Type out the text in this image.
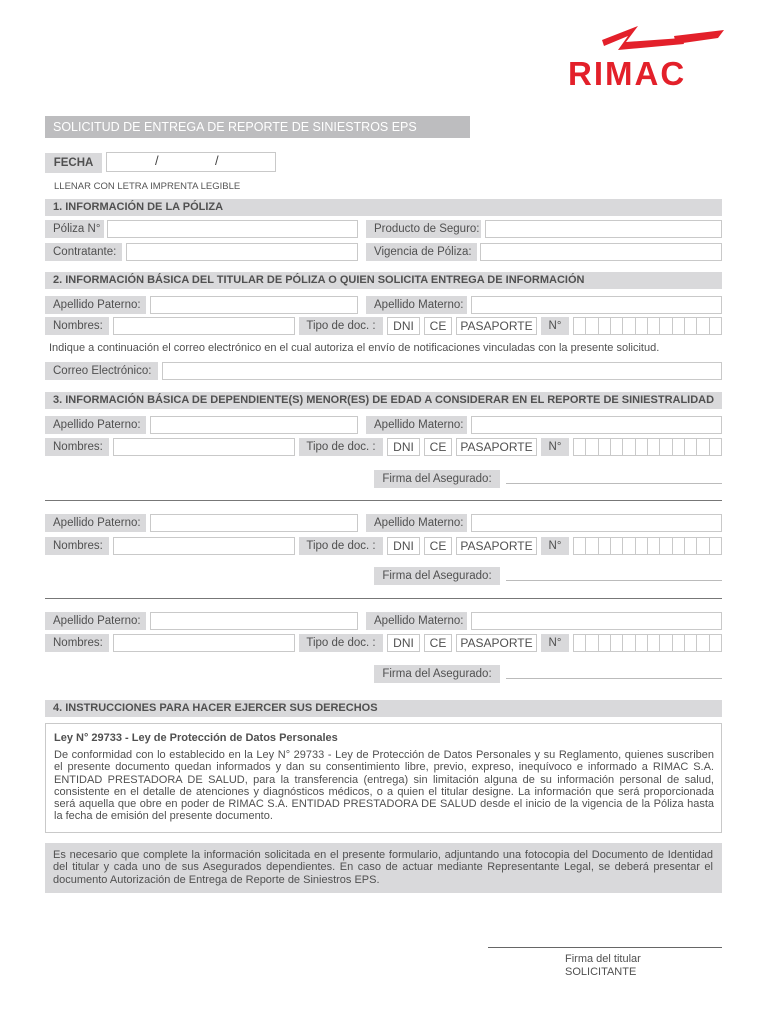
RIMAC
SOLICITUD DE ENTREGA DE REPORTE DE SINIESTROS EPS
FECHA	/	/
LLENAR CON LETRA IMPRENTA LEGIBLE
1. INFORMACIÓN DE LA PÓLIZA
Póliza N°	Producto de Seguro:
Contratante:	Vigencia de Póliza:
2. INFORMACIÓN BÁSICA DEL TITULAR DE PÓLIZA O QUIEN SOLICITA ENTREGA DE INFORMACIÓN
Apellido Paterno:	Apellido Materno:
Nombres:	Tipo de doc. :	DNI	CE	PASAPORTE	N°
Indique a continuación el correo electrónico en el cual autoriza el envío de notificaciones vinculadas con la presente solicitud.
Correo Electrónico:
3. INFORMACIÓN BÁSICA DE DEPENDIENTE(S) MENOR(ES) DE EDAD A CONSIDERAR EN EL REPORTE DE SINIESTRALIDAD
Apellido Paterno:	Apellido Materno:
Nombres:	Tipo de doc. :	DNI	CE	PASAPORTE	N°
Firma del Asegurado:
Apellido Paterno:	Apellido Materno:
Nombres:	Tipo de doc. :	DNI	CE	PASAPORTE	N°
Firma del Asegurado:
Apellido Paterno:	Apellido Materno:
Nombres:	Tipo de doc. :	DNI	CE	PASAPORTE	N°
Firma del Asegurado:
4. INSTRUCCIONES PARA HACER EJERCER SUS DERECHOS
Ley N° 29733 - Ley de Protección de Datos Personales
De conformidad con lo establecido en la Ley N° 29733 - Ley de Protección de Datos Personales y su Reglamento, quienes suscriben el presente documento quedan informados y dan su consentimiento libre, previo, expreso, inequívoco e informado a RIMAC S.A. ENTIDAD PRESTADORA DE SALUD, para la transferencia (entrega) sin limitación alguna de su información personal de salud, consistente en el detalle de atenciones y diagnósticos médicos, o a quien el titular designe. La información que será proporcionada será aquella que obre en poder de RIMAC S.A. ENTIDAD PRESTADORA DE SALUD desde el inicio de la vigencia de la Póliza hasta la fecha de emisión del presente documento.
Es necesario que complete la información solicitada en el presente formulario, adjuntando una fotocopia del Documento de Identidad del titular y cada uno de sus Asegurados dependientes. En caso de actuar mediante Representante Legal, se deberá presentar el documento Autorización de Entrega de Reporte de Siniestros EPS.
Firma del titular
SOLICITANTE
